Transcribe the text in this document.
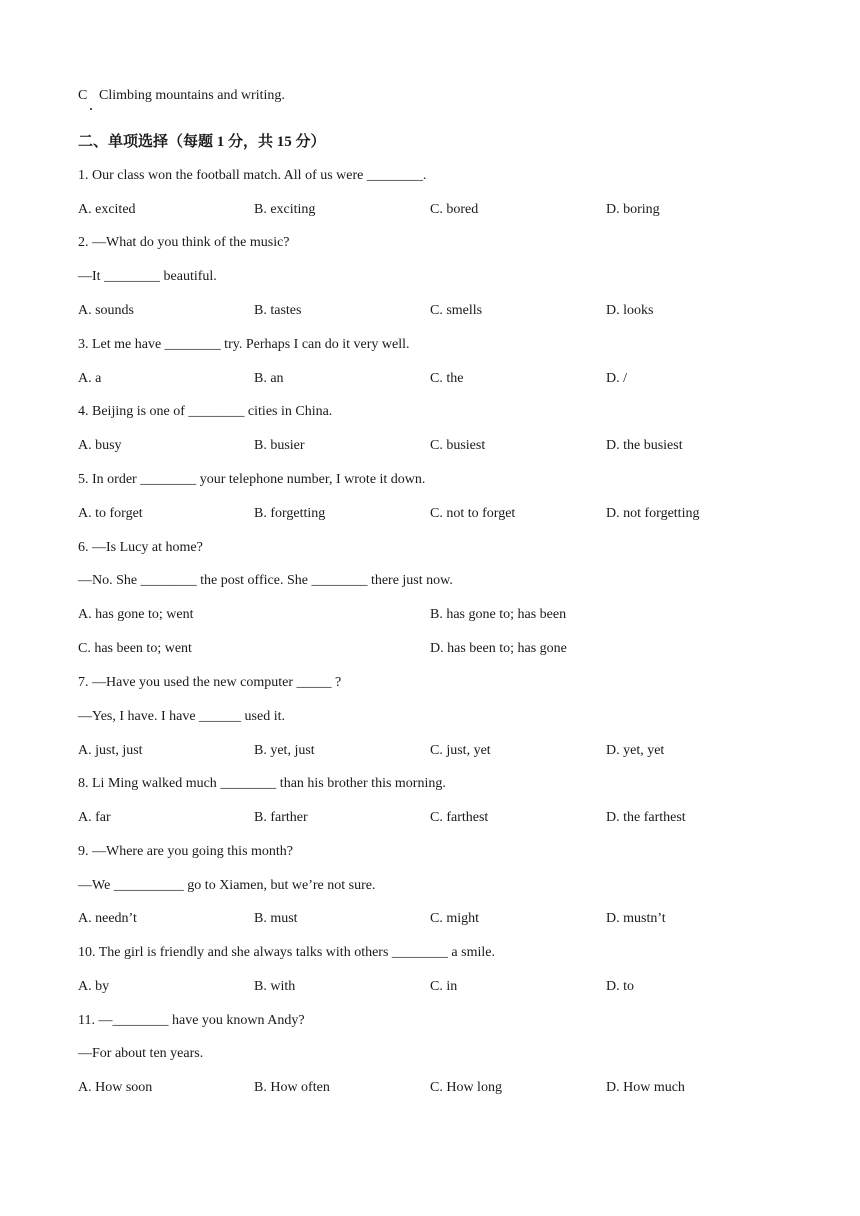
C Climbing mountains and writing.
二、单项选择（每题 1 分，共 15 分）
1. Our class won the football match. All of us were ________.
A. excited	B. exciting	C. bored	D. boring
2. —What do you think of the music?
—It ________ beautiful.
A. sounds	B. tastes	C. smells	D. looks
3. Let me have ________ try. Perhaps I can do it very well.
A. a	B. an	C. the	D. /
4. Beijing is one of ________ cities in China.
A. busy	B. busier	C. busiest	D. the busiest
5. In order ________ your telephone number, I wrote it down.
A. to forget	B. forgetting	C. not to forget	D. not forgetting
6. —Is Lucy at home?
—No. She ________ the post office. She ________ there just now.
A. has gone to; went	B. has gone to; has been
C. has been to; went	D. has been to; has gone
7. —Have you used the new computer _____ ?
—Yes, I have. I have ______ used it.
A. just, just	B. yet, just	C. just, yet	D. yet, yet
8. Li Ming walked much ________ than his brother this morning.
A. far	B. farther	C. farthest	D. the farthest
9. —Where are you going this month?
—We __________ go to Xiamen, but we’re not sure.
A. needn’t	B. must	C. might	D. mustn’t
10. The girl is friendly and she always talks with others ________ a smile.
A. by	B. with	C. in	D. to
11. —________ have you known Andy?
—For about ten years.
A. How soon	B. How often	C. How long	D. How much
